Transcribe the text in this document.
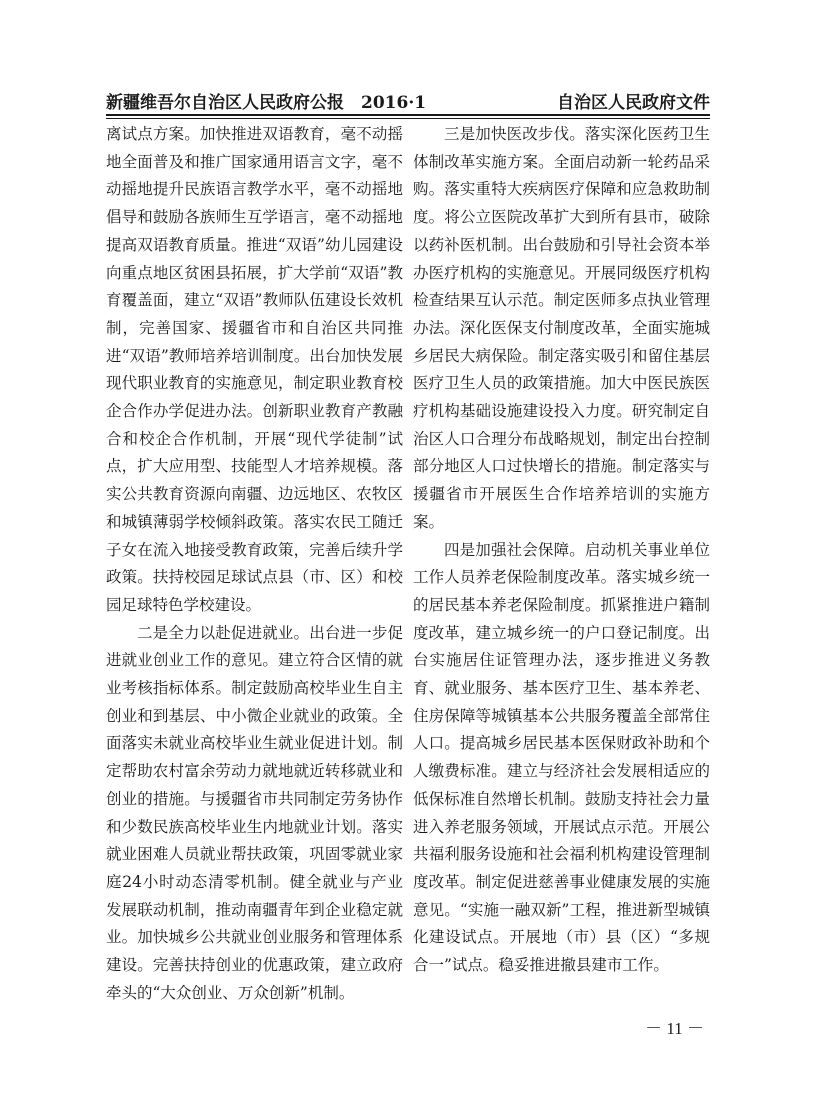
新疆维吾尔自治区人民政府公报　2016·1	自治区人民政府文件

离试点方案。加快推进双语教育，毫不动摇地全面普及和推广国家通用语言文字，毫不动摇地提升民族语言教学水平，毫不动摇地倡导和鼓励各族师生互学语言，毫不动摇地提高双语教育质量。推进“双语”幼儿园建设向重点地区贫困县拓展，扩大学前“双语”教育覆盖面，建立“双语”教师队伍建设长效机制，完善国家、援疆省市和自治区共同推进“双语”教师培养培训制度。出台加快发展现代职业教育的实施意见，制定职业教育校企合作办学促进办法。创新职业教育产教融合和校企合作机制，开展“现代学徒制”试点，扩大应用型、技能型人才培养规模。落实公共教育资源向南疆、边远地区、农牧区和城镇薄弱学校倾斜政策。落实农民工随迁子女在流入地接受教育政策，完善后续升学政策。扶持校园足球试点县（市、区）和校园足球特色学校建设。

二是全力以赴促进就业。出台进一步促进就业创业工作的意见。建立符合区情的就业考核指标体系。制定鼓励高校毕业生自主创业和到基层、中小微企业就业的政策。全面落实未就业高校毕业生就业促进计划。制定帮助农村富余劳动力就地就近转移就业和创业的措施。与援疆省市共同制定劳务协作和少数民族高校毕业生内地就业计划。落实就业困难人员就业帮扶政策，巩固零就业家庭24小时动态清零机制。健全就业与产业发展联动机制，推动南疆青年到企业稳定就业。加快城乡公共就业创业服务和管理体系建设。完善扶持创业的优惠政策，建立政府牵头的“大众创业、万众创新”机制。

三是加快医改步伐。落实深化医药卫生体制改革实施方案。全面启动新一轮药品采购。落实重特大疾病医疗保障和应急救助制度。将公立医院改革扩大到所有县市，破除以药补医机制。出台鼓励和引导社会资本举办医疗机构的实施意见。开展同级医疗机构检查结果互认示范。制定医师多点执业管理办法。深化医保支付制度改革，全面实施城乡居民大病保险。制定落实吸引和留住基层医疗卫生人员的政策措施。加大中医民族医疗机构基础设施建设投入力度。研究制定自治区人口合理分布战略规划，制定出台控制部分地区人口过快增长的措施。制定落实与援疆省市开展医生合作培养培训的实施方案。

四是加强社会保障。启动机关事业单位工作人员养老保险制度改革。落实城乡统一的居民基本养老保险制度。抓紧推进户籍制度改革，建立城乡统一的户口登记制度。出台实施居住证管理办法，逐步推进义务教育、就业服务、基本医疗卫生、基本养老、住房保障等城镇基本公共服务覆盖全部常住人口。提高城乡居民基本医保财政补助和个人缴费标准。建立与经济社会发展相适应的低保标准自然增长机制。鼓励支持社会力量进入养老服务领域，开展试点示范。开展公共福利服务设施和社会福利机构建设管理制度改革。制定促进慈善事业健康发展的实施意见。“实施一融双新”工程，推进新型城镇化建设试点。开展地（市）县（区）“多规合一”试点。稳妥推进撤县建市工作。

－ 11 －
